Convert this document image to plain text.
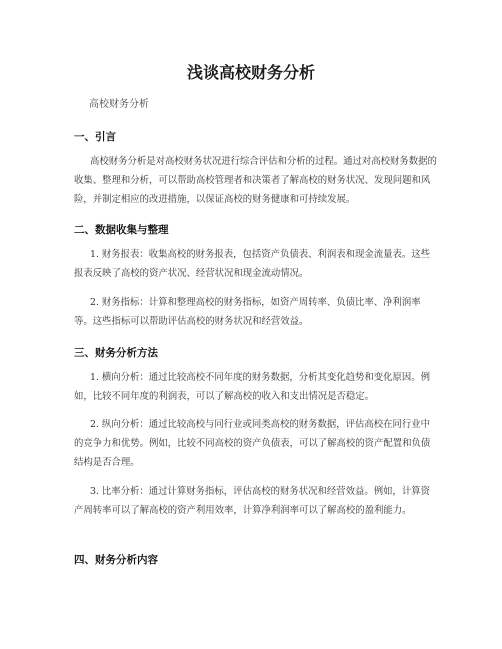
浅谈高校财务分析
高校财务分析
一、引言
高校财务分析是对高校财务状况进行综合评估和分析的过程。通过对高校财务数据的收集、整理和分析，可以帮助高校管理者和决策者了解高校的财务状况、发现问题和风险，并制定相应的改进措施，以保证高校的财务健康和可持续发展。
二、数据收集与整理
1. 财务报表：收集高校的财务报表，包括资产负债表、利润表和现金流量表。这些报表反映了高校的资产状况、经营状况和现金流动情况。
2. 财务指标：计算和整理高校的财务指标，如资产周转率、负债比率、净利润率等。这些指标可以帮助评估高校的财务状况和经营效益。
三、财务分析方法
1. 横向分析：通过比较高校不同年度的财务数据，分析其变化趋势和变化原因。例如，比较不同年度的利润表，可以了解高校的收入和支出情况是否稳定。
2. 纵向分析：通过比较高校与同行业或同类高校的财务数据，评估高校在同行业中的竞争力和优势。例如，比较不同高校的资产负债表，可以了解高校的资产配置和负债结构是否合理。
3. 比率分析：通过计算财务指标，评估高校的财务状况和经营效益。例如，计算资产周转率可以了解高校的资产利用效率，计算净利润率可以了解高校的盈利能力。
四、财务分析内容
